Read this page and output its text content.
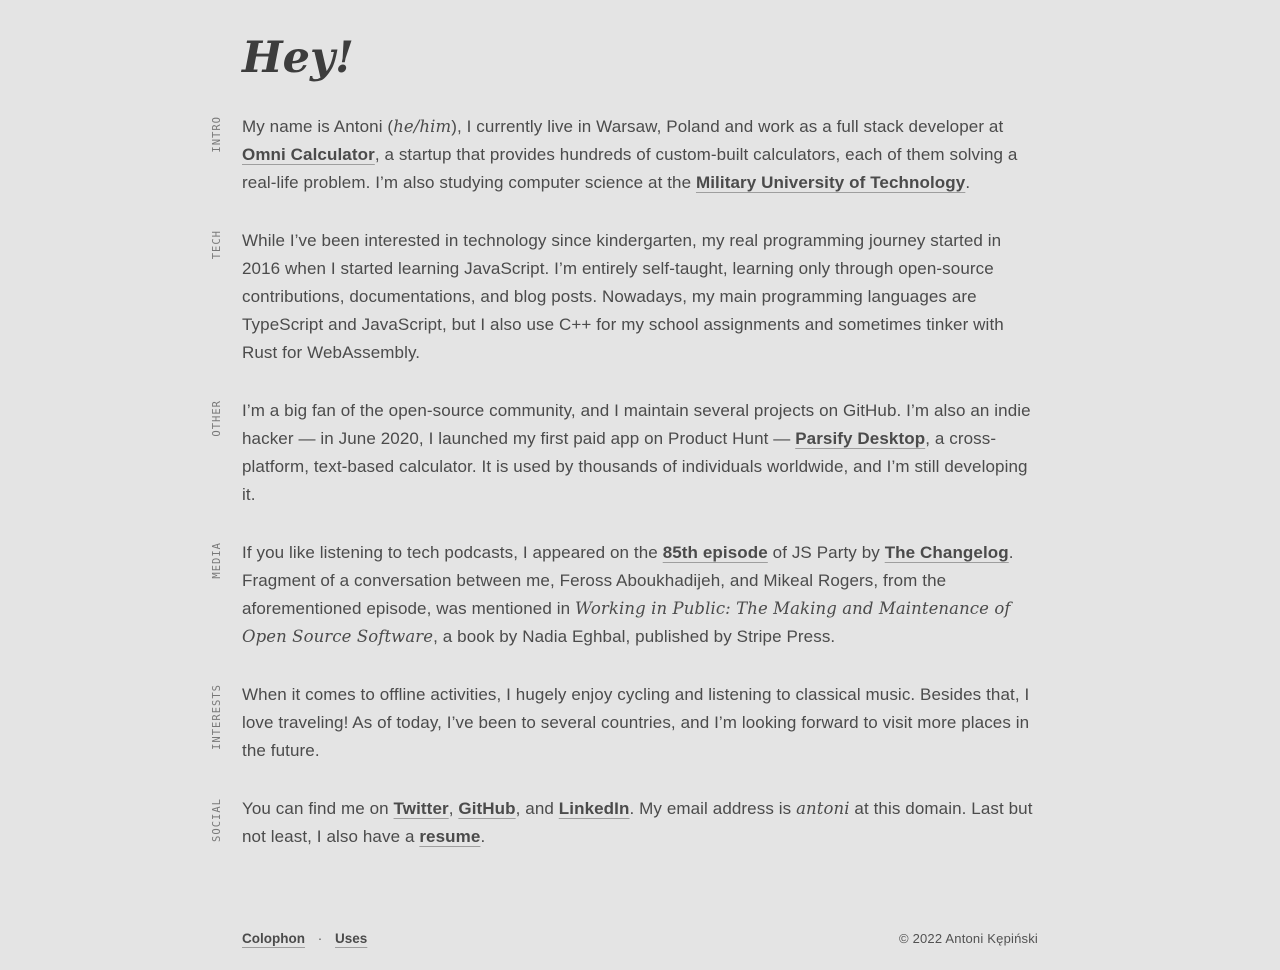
Hey!
INTRO My name is Antoni (he/him), I currently live in Warsaw, Poland and work as a full stack developer at Omni Calculator, a startup that provides hundreds of custom-built calculators, each of them solving a real-life problem. I’m also studying computer science at the Military University of Technology.

TECH While I’ve been interested in technology since kindergarten, my real programming journey started in 2016 when I started learning JavaScript. I’m entirely self-taught, learning only through open-source contributions, documentations, and blog posts. Nowadays, my main programming languages are TypeScript and JavaScript, but I also use C++ for my school assignments and sometimes tinker with Rust for WebAssembly.

OTHER I’m a big fan of the open-source community, and I maintain several projects on GitHub. I’m also an indie hacker — in June 2020, I launched my first paid app on Product Hunt — Parsify Desktop, a cross-platform, text-based calculator. It is used by thousands of individuals worldwide, and I’m still developing it.

MEDIA If you like listening to tech podcasts, I appeared on the 85th episode of JS Party by The Changelog. Fragment of a conversation between me, Feross Aboukhadijeh, and Mikeal Rogers, from the aforementioned episode, was mentioned in Working in Public: The Making and Maintenance of Open Source Software, a book by Nadia Eghbal, published by Stripe Press.

INTERESTS When it comes to offline activities, I hugely enjoy cycling and listening to classical music. Besides that, I love traveling! As of today, I’ve been to several countries, and I’m looking forward to visit more places in the future.

SOCIAL You can find me on Twitter, GitHub, and LinkedIn. My email address is antoni at this domain. Last but not least, I also have a resume.

Colophon · Uses	© 2022 Antoni Kępiński
